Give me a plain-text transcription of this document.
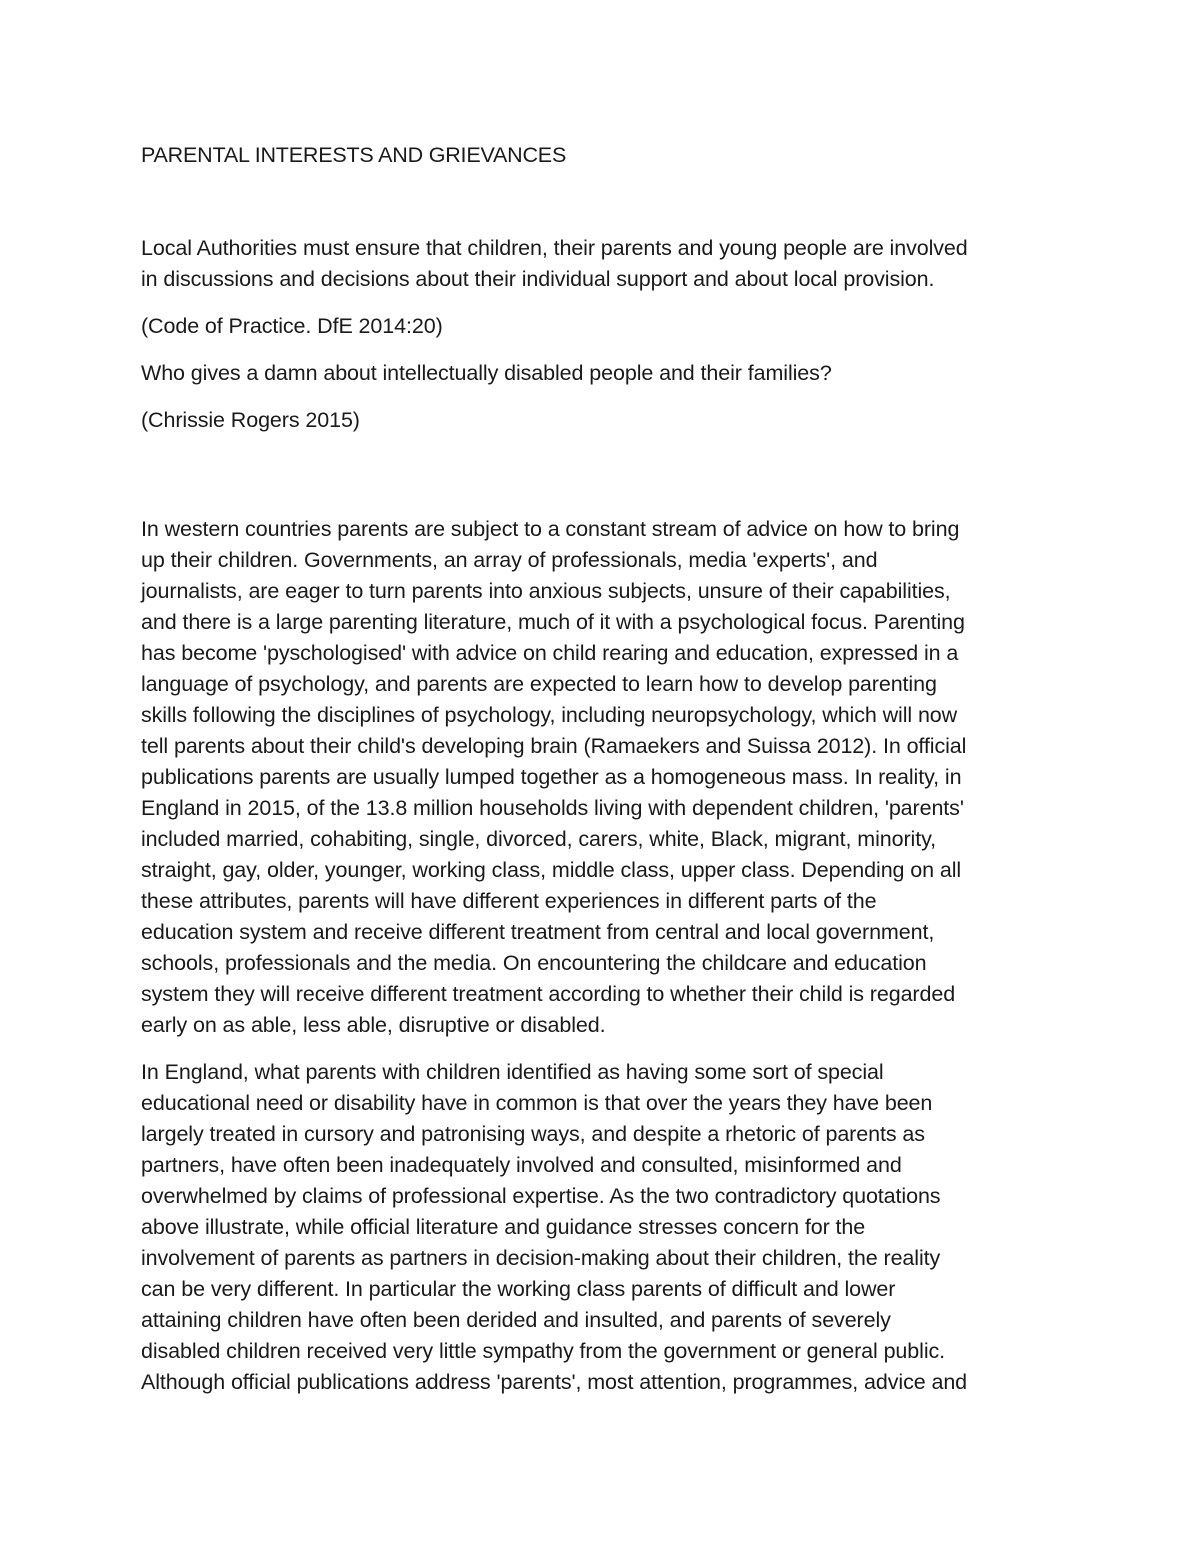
PARENTAL INTERESTS AND GRIEVANCES
Local Authorities must ensure that children, their parents and young people are involved
in discussions and decisions about their individual support and about local provision.
(Code of Practice. DfE 2014:20)
Who gives a damn about intellectually disabled people and their families?
(Chrissie Rogers 2015)
In western countries parents are subject to a constant stream of advice on how to bring
up their children. Governments, an array of professionals, media 'experts', and
journalists, are eager to turn parents into anxious subjects, unsure of their capabilities,
and there is a large parenting literature, much of it with a psychological focus. Parenting
has become 'pyschologised' with advice on child rearing and education, expressed in a
language of psychology, and parents are expected to learn how to develop parenting
skills following the disciplines of psychology, including neuropsychology, which will now
tell parents about their child's developing brain (Ramaekers and Suissa 2012). In official
publications parents are usually lumped together as a homogeneous mass. In reality, in
England in 2015, of the 13.8 million households living with dependent children, 'parents'
included married, cohabiting, single, divorced, carers, white, Black, migrant, minority,
straight, gay, older, younger, working class, middle class, upper class. Depending on all
these attributes, parents will have different experiences in different parts of the
education system and receive different treatment from central and local government,
schools, professionals and the media. On encountering the childcare and education
system they will receive different treatment according to whether their child is regarded
early on as able, less able, disruptive or disabled.
In England, what parents with children identified as having some sort of special
educational need or disability have in common is that over the years they have been
largely treated in cursory and patronising ways, and despite a rhetoric of parents as
partners, have often been inadequately involved and consulted, misinformed and
overwhelmed by claims of professional expertise. As the two contradictory quotations
above illustrate, while official literature and guidance stresses concern for the
involvement of parents as partners in decision-making about their children, the reality
can be very different. In particular the working class parents of difficult and lower
attaining children have often been derided and insulted, and parents of severely
disabled children received very little sympathy from the government or general public.
Although official publications address 'parents', most attention, programmes, advice and
